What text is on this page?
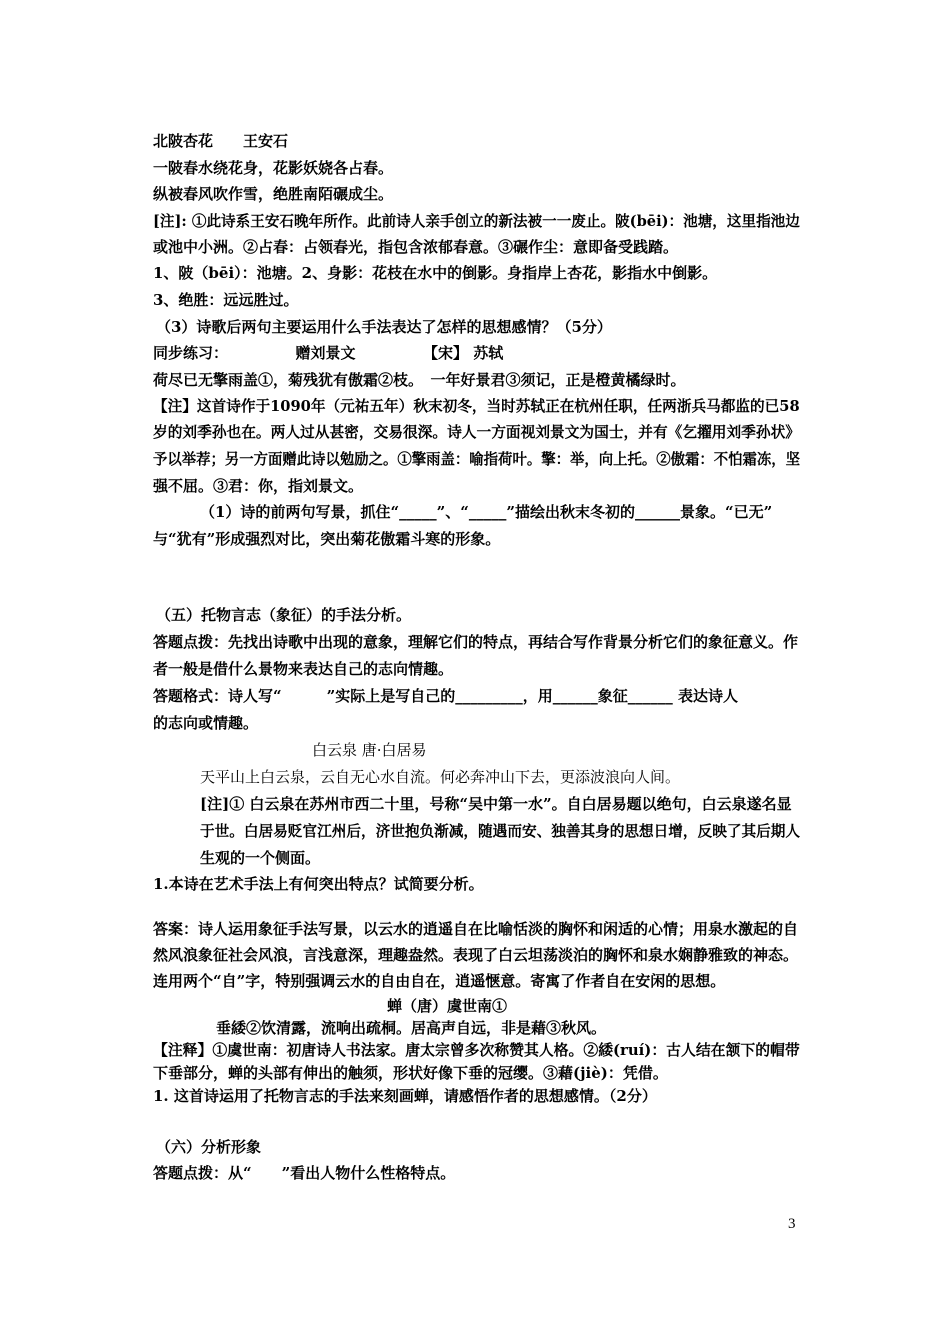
北陂杏花　　王安石
一陂春水绕花身，花影妖娆各占春。
纵被春风吹作雪，绝胜南陌碾成尘。
[注]: ①此诗系王安石晚年所作。此前诗人亲手创立的新法被一一废止。陂(bēi)：池塘，这里指池边
或池中小洲。②占春：占领春光，指包含浓郁春意。③碾作尘：意即备受践踏。
1、陂（bēi）：池塘。2、身影：花枝在水中的倒影。身指岸上杏花，影指水中倒影。
3、绝胜：远远胜过。
（3）诗歌后两句主要运用什么手法表达了怎样的思想感情？（5分）
同步练习：　　　　　赠刘景文　　　　　【宋】 苏轼
荷尽已无擎雨盖①，菊残犹有傲霜②枝。　一年好景君③须记，正是橙黄橘绿时。
【注】这首诗作于1090年（元祐五年）秋末初冬，当时苏轼正在杭州任职，任两浙兵马都监的已58
岁的刘季孙也在。两人过从甚密，交易很深。诗人一方面视刘景文为国士，并有《乞擢用刘季孙状》
予以举荐；另一方面赠此诗以勉励之。①擎雨盖：喻指荷叶。擎：举，向上托。②傲霜：不怕霜冻，坚
强不屈。③君：你，指刘景文。
（1）诗的前两句写景，抓住“_____”、“_____”描绘出秋末冬初的______景象。“已无”
与“犹有”形成强烈对比，突出菊花傲霜斗寒的形象。
（五）托物言志（象征）的手法分析。
答题点拨：先找出诗歌中出现的意象，理解它们的特点，再结合写作背景分析它们的象征意义。作
者一般是借什么景物来表达自己的志向情趣。
答题格式：诗人写“　　　”实际上是写自己的_________，用______象征______ 表达诗人
的志向或情趣。
白云泉 唐·白居易
天平山上白云泉，云自无心水自流。何必奔冲山下去，更添波浪向人间。
[注]① 白云泉在苏州市西二十里，号称“吴中第一水”。自白居易题以绝句，白云泉遂名显
于世。白居易贬官江州后，济世抱负渐减，随遇而安、独善其身的思想日增，反映了其后期人
生观的一个侧面。
1.本诗在艺术手法上有何突出特点？试简要分析。
答案：诗人运用象征手法写景，以云水的逍遥自在比喻恬淡的胸怀和闲适的心情；用泉水激起的自
然风浪象征社会风浪，言浅意深，理趣盎然。表现了白云坦荡淡泊的胸怀和泉水娴静雅致的神态。
连用两个“自”字，特别强调云水的自由自在，逍遥惬意。寄寓了作者自在安闲的思想。
蝉（唐）虞世南①
垂緌②饮清露，流响出疏桐。居高声自远，非是藉③秋风。
【注释】①虞世南：初唐诗人书法家。唐太宗曾多次称赞其人格。②緌(ruí)：古人结在颔下的帽带
下垂部分，蝉的头部有伸出的触须，形状好像下垂的冠缨。③藉(jiè)：凭借。
1. 这首诗运用了托物言志的手法来刻画蝉，请感悟作者的思想感情。（2分）
（六）分析形象
答题点拨：从“　　”看出人物什么性格特点。
3
